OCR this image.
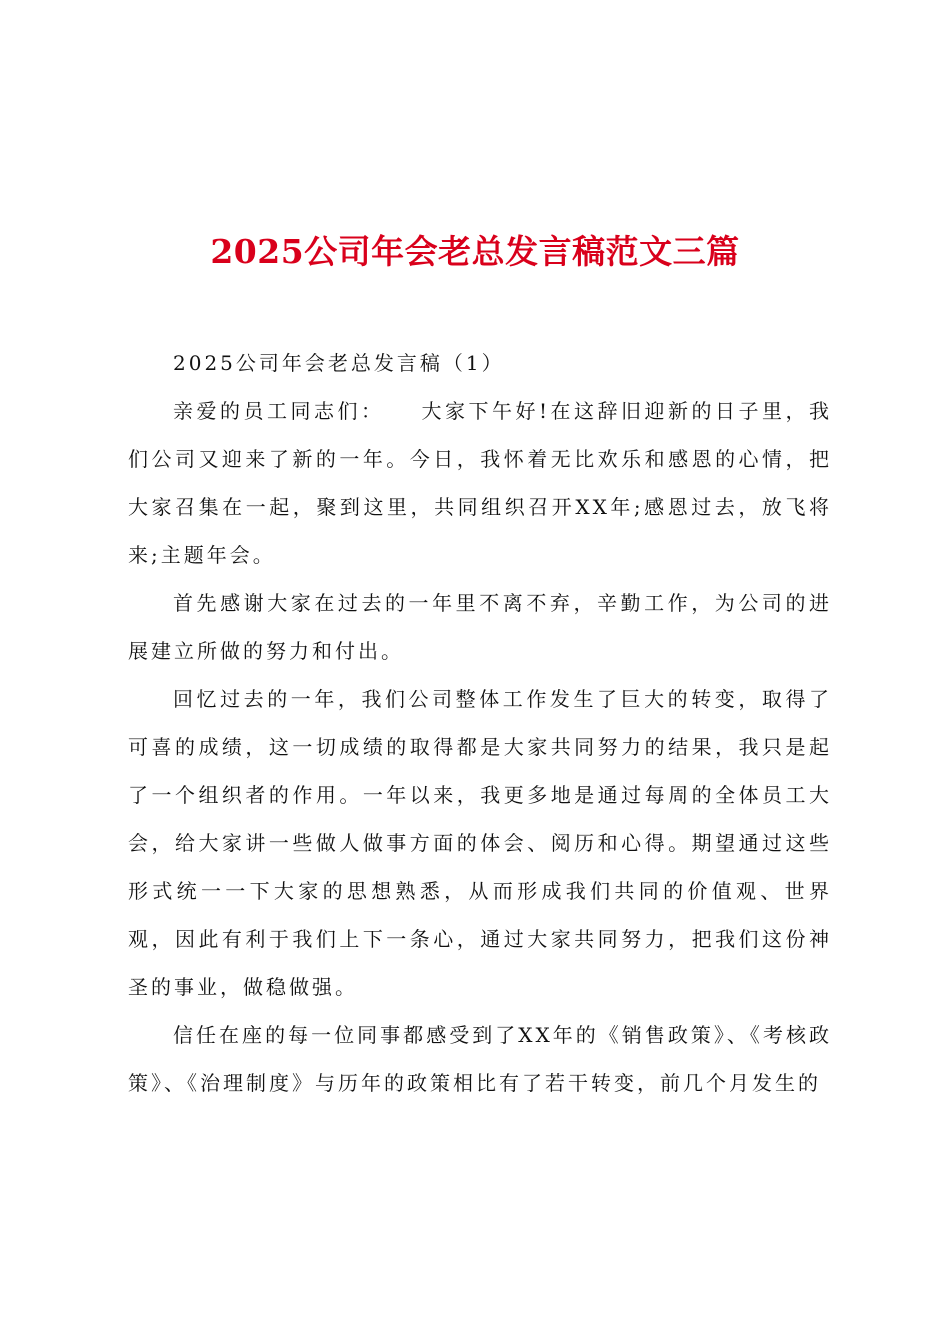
2025公司年会老总发言稿范文三篇

2025公司年会老总发言稿（1）

亲爱的员工同志们：　　大家下午好!在这辞旧迎新的日子里，我们公司又迎来了新的一年。今日，我怀着无比欢乐和感恩的心情，把大家召集在一起，聚到这里，共同组织召开XX年;感恩过去，放飞将来;主题年会。

首先感谢大家在过去的一年里不离不弃，辛勤工作，为公司的进展建立所做的努力和付出。

回忆过去的一年，我们公司整体工作发生了巨大的转变，取得了可喜的成绩，这一切成绩的取得都是大家共同努力的结果，我只是起了一个组织者的作用。一年以来，我更多地是通过每周的全体员工大会，给大家讲一些做人做事方面的体会、阅历和心得。期望通过这些形式统一一下大家的思想熟悉，从而形成我们共同的价值观、世界观，因此有利于我们上下一条心，通过大家共同努力，把我们这份神圣的事业，做稳做强。

信任在座的每一位同事都感受到了XX年的《销售政策》、《考核政策》、《治理制度》与历年的政策相比有了若干转变，前几个月发生的
